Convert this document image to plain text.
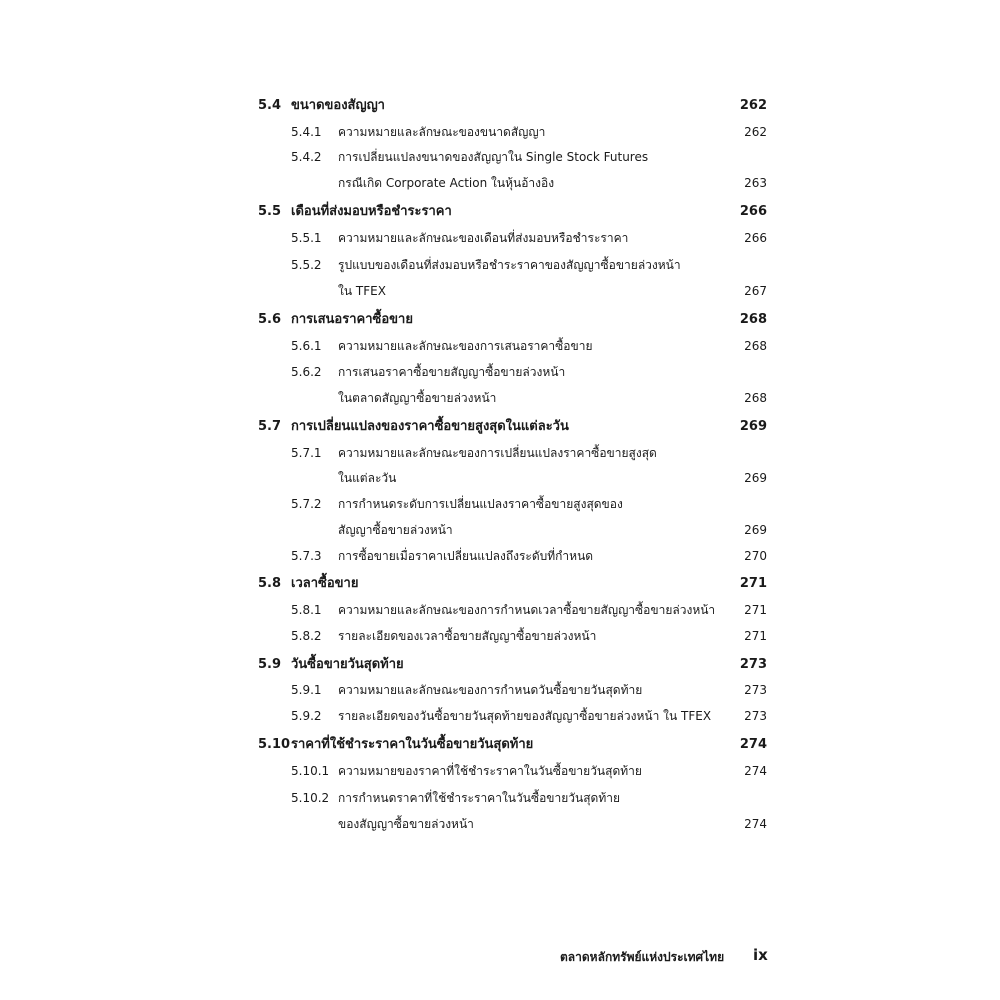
5.4 ขนาดของสัญญา	262
5.4.1 ความหมายและลักษณะของขนาดสัญญา	262
5.4.2 การเปลี่ยนแปลงขนาดของสัญญาใน Single Stock Futures
กรณีเกิด Corporate Action ในหุ้นอ้างอิง	263
5.5 เดือนที่ส่งมอบหรือชำระราคา	266
5.5.1 ความหมายและลักษณะของเดือนที่ส่งมอบหรือชำระราคา	266
5.5.2 รูปแบบของเดือนที่ส่งมอบหรือชำระราคาของสัญญาซื้อขายล่วงหน้า
ใน TFEX	267
5.6 การเสนอราคาซื้อขาย	268
5.6.1 ความหมายและลักษณะของการเสนอราคาซื้อขาย	268
5.6.2 การเสนอราคาซื้อขายสัญญาซื้อขายล่วงหน้า
ในตลาดสัญญาซื้อขายล่วงหน้า	268
5.7 การเปลี่ยนแปลงของราคาซื้อขายสูงสุดในแต่ละวัน	269
5.7.1 ความหมายและลักษณะของการเปลี่ยนแปลงราคาซื้อขายสูงสุด
ในแต่ละวัน	269
5.7.2 การกำหนดระดับการเปลี่ยนแปลงราคาซื้อขายสูงสุดของ
สัญญาซื้อขายล่วงหน้า	269
5.7.3 การซื้อขายเมื่อราคาเปลี่ยนแปลงถึงระดับที่กำหนด	270
5.8 เวลาซื้อขาย	271
5.8.1 ความหมายและลักษณะของการกำหนดเวลาซื้อขายสัญญาซื้อขายล่วงหน้า 271
5.8.2 รายละเอียดของเวลาซื้อขายสัญญาซื้อขายล่วงหน้า	271
5.9 วันซื้อขายวันสุดท้าย	273
5.9.1 ความหมายและลักษณะของการกำหนดวันซื้อขายวันสุดท้าย	273
5.9.2 รายละเอียดของวันซื้อขายวันสุดท้ายของสัญญาซื้อขายล่วงหน้า ใน TFEX	273
5.10 ราคาที่ใช้ชำระราคาในวันซื้อขายวันสุดท้าย	274
5.10.1 ความหมายของราคาที่ใช้ชำระราคาในวันซื้อขายวันสุดท้าย	274
5.10.2 การกำหนดราคาที่ใช้ชำระราคาในวันซื้อขายวันสุดท้าย
ของสัญญาซื้อขายล่วงหน้า	274
ตลาดหลักทรัพย์แห่งประเทศไทย ix
